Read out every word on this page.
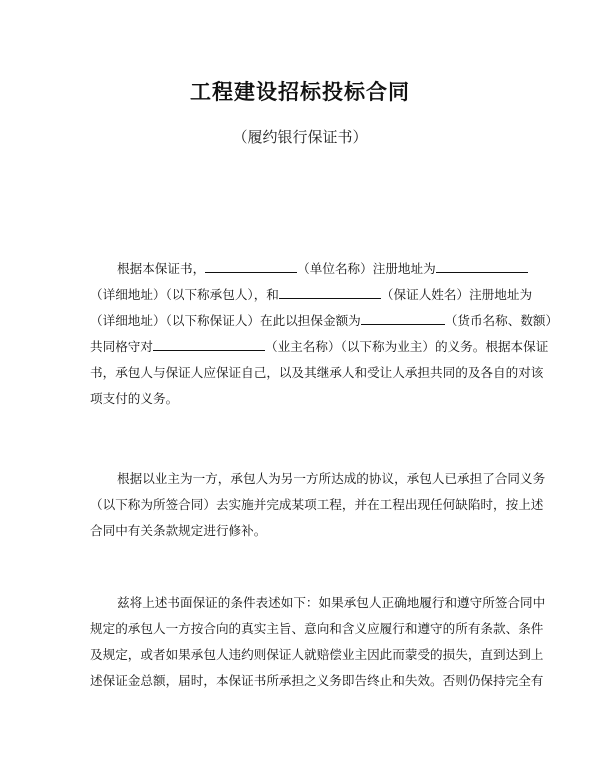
工程建设招标投标合同
（履约银行保证书）
根据本保证书，	（单位名称）注册地址为
（详细地址）（以下称承包人），和	（保证人姓名）注册地址为
（详细地址）（以下称保证人）在此以担保金额为	（货币名称、数额）
共同格守对	（业主名称）（以下称为业主）的义务。根据本保证
书，承包人与保证人应保证自己，以及其继承人和受让人承担共同的及各自的对该
项支付的义务。
根据以业主为一方，承包人为另一方所达成的协议，承包人已承担了合同义务
（以下称为所签合同）去实施并完成某项工程，并在工程出现任何缺陷时，按上述
合同中有关条款规定进行修补。
兹将上述书面保证的条件表述如下：如果承包人正确地履行和遵守所签合同中
规定的承包人一方按合向的真实主旨、意向和含义应履行和遵守的所有条款、条件
及规定，或者如果承包人违约则保证人就赔偿业主因此而蒙受的损失，直到达到上
述保证金总额，届时，本保证书所承担之义务即告终止和失效。否则仍保持完全有
